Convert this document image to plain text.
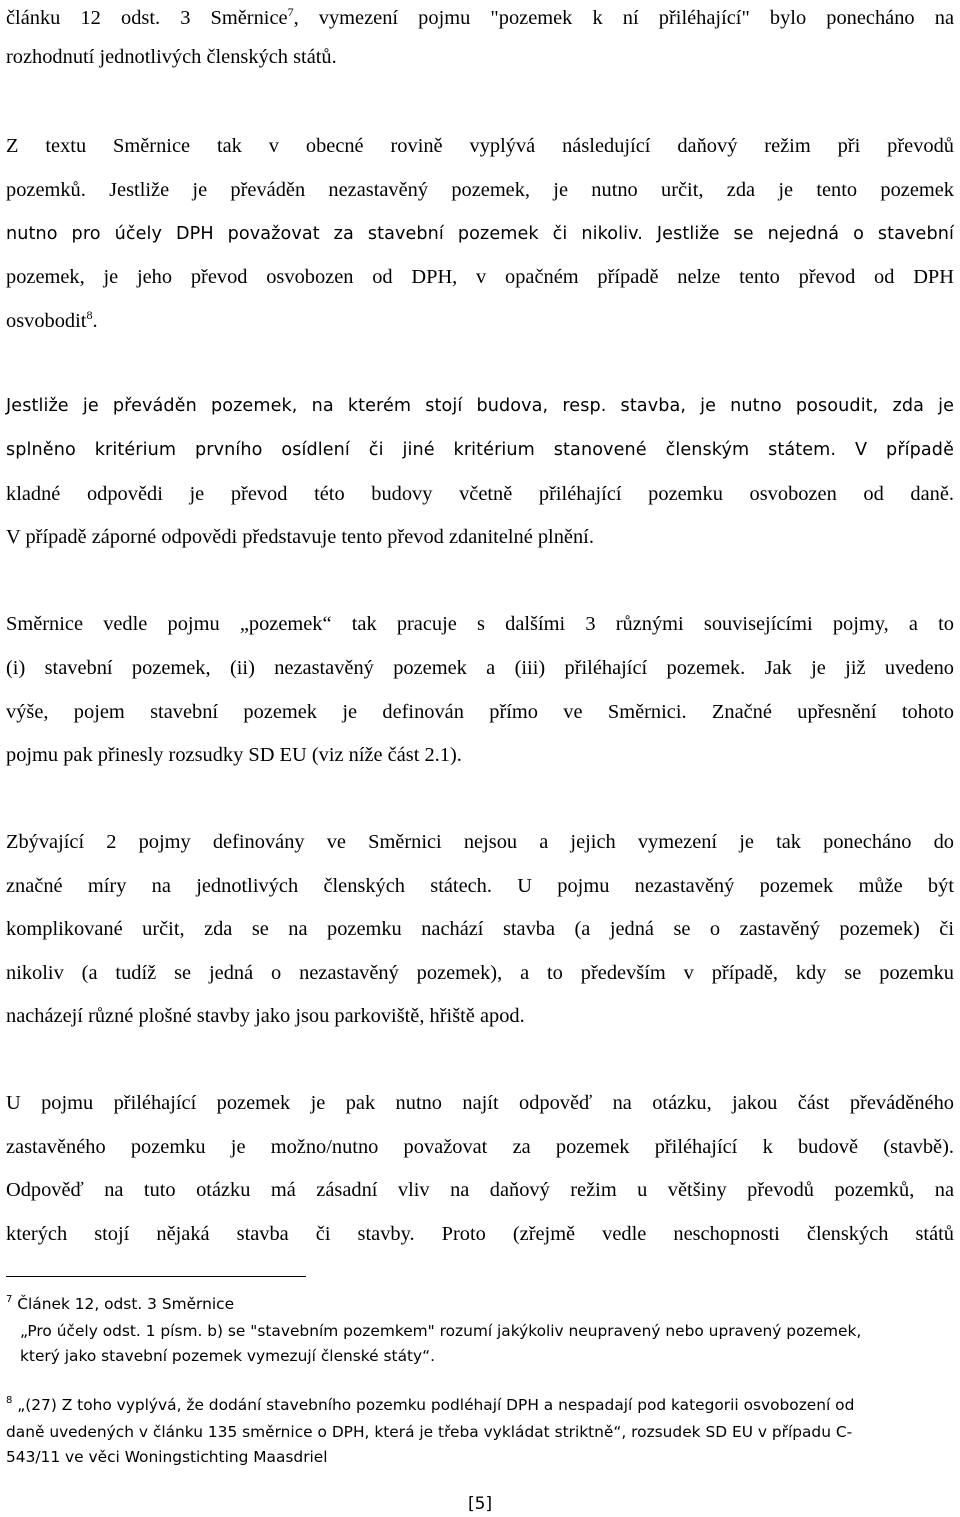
článku 12 odst. 3 Směrnice$^7$, vymezení pojmu "pozemek k ní přiléhající" bylo ponecháno na
rozhodnutí jednotlivých členských států.
Z textu Směrnice tak v obecné rovině vyplývá následující daňový režim při převodů
pozemků. Jestliže je převáděn nezastavěný pozemek, je nutno určit, zda je tento pozemek
nutno pro účely DPH považovat za stavební pozemek či nikoliv. Jestliže se nejedná o stavební
pozemek, je jeho převod osvobozen od DPH, v opačném případě nelze tento převod od DPH
osvobodit$^8$.
Jestliže je převáděn pozemek, na kterém stojí budova, resp. stavba, je nutno posoudit, zda je
splněno kritérium prvního osídlení či jiné kritérium stanovené členským státem. V případě
kladné odpovědi je převod této budovy včetně přiléhající pozemku osvobozen od daně.
V případě záporné odpovědi představuje tento převod zdanitelné plnění.
Směrnice vedle pojmu „pozemek“ tak pracuje s dalšími 3 různými souvisejícími pojmy, a to
(i) stavební pozemek, (ii) nezastavěný pozemek a (iii) přiléhající pozemek. Jak je již uvedeno
výše, pojem stavební pozemek je definován přímo ve Směrnici. Značné upřesnění tohoto
pojmu pak přinesly rozsudky SD EU (viz níže část 2.1).
Zbývající 2 pojmy definovány ve Směrnici nejsou a jejich vymezení je tak ponecháno do
značné míry na jednotlivých členských státech. U pojmu nezastavěný pozemek může být
komplikované určit, zda se na pozemku nachází stavba (a jedná se o zastavěný pozemek) či
nikoliv (a tudíž se jedná o nezastavěný pozemek), a to především v případě, kdy se pozemku
nacházejí různé plošné stavby jako jsou parkoviště, hřiště apod.
U pojmu přiléhající pozemek je pak nutno najít odpověď na otázku, jakou část převáděného
zastavěného pozemku je možno/nutno považovat za pozemek přiléhající k budově (stavbě).
Odpověď na tuto otázku má zásadní vliv na daňový režim u většiny převodů pozemků, na
kterých stojí nějaká stavba či stavby. Proto (zřejmě vedle neschopnosti členských států
$^7$ Článek 12, odst. 3 Směrnice
„Pro účely odst. 1 písm. b) se "stavebním pozemkem" rozumí jakýkoliv neupravený nebo upravený pozemek,
který jako stavební pozemek vymezují členské státy“.
$^8$ „(27) Z toho vyplývá, že dodání stavebního pozemku podléhají DPH a nespadají pod kategorii osvobození od
daně uvedených v článku 135 směrnice o DPH, která je třeba vykládat striktně“, rozsudek SD EU v případu C-
543/11 ve věci Woningstichting Maasdriel
[5]
